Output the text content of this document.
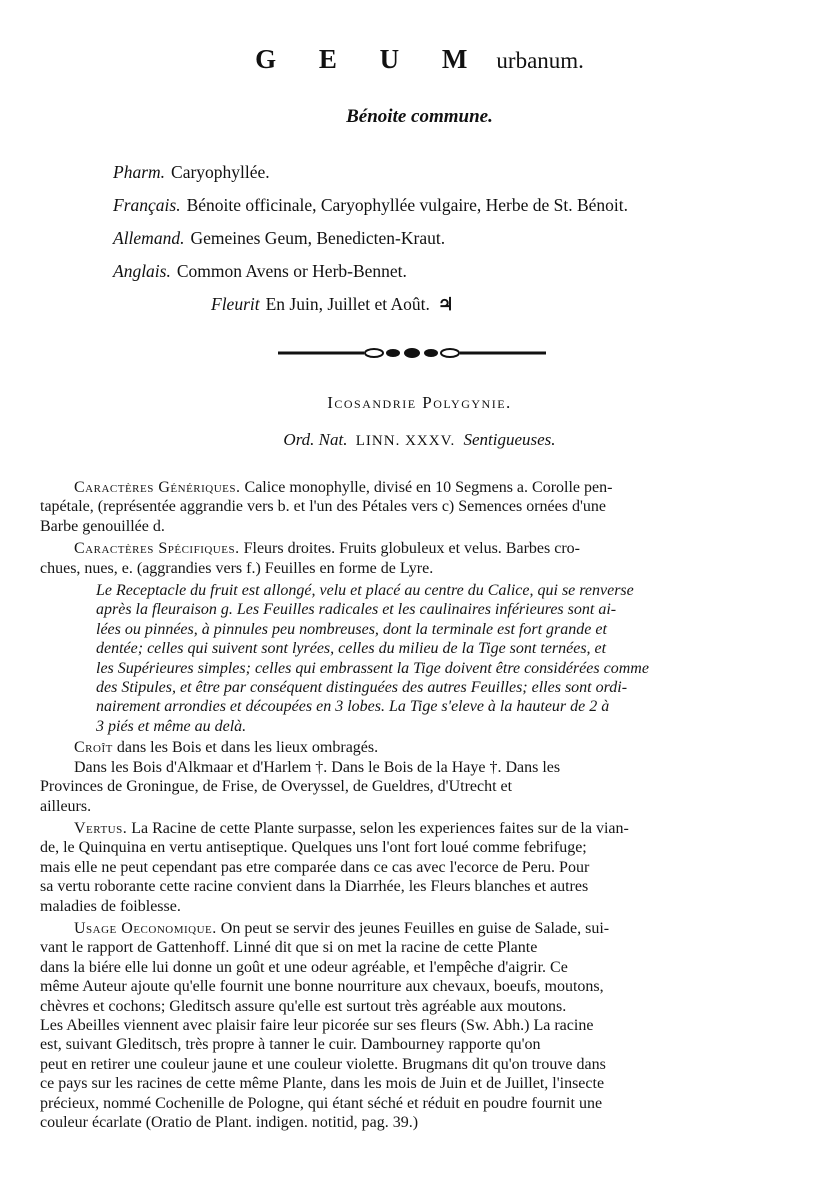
G E U M urbanum.
Bénoite commune.
Pharm. Caryophyllée.
Français. Bénoite officinale, Caryophyllée vulgaire, Herbe de St. Bénoit.
Allemand. Gemeines Geum, Benedicten-Kraut.
Anglais. Common Avens or Herb-Bennet.
Fleurit En Juin, Juillet et Août. ♃
Icosandrie Polygynie.
Ord. Nat. LINN. XXXV. Sentigueuses.
Caractères Génériques. Calice monophylle, divisé en 10 Segmens a. Corolle pen-
tapétale, (représentée aggrandie vers b. et l'un des Pétales vers c) Semences ornées d'une
Barbe genouillée d.
Caractères Spécifiques. Fleurs droites. Fruits globuleux et velus. Barbes cro-
chues, nues, e. (aggrandies vers f.) Feuilles en forme de Lyre.
Le Receptacle du fruit est allongé, velu et placé au centre du Calice, qui se renverse
après la fleuraison g. Les Feuilles radicales et les caulinaires inférieures sont ai-
lées ou pinnées, à pinnules peu nombreuses, dont la terminale est fort grande et
dentée; celles qui suivent sont lyrées, celles du milieu de la Tige sont ternées, et
les Supérieures simples; celles qui embrassent la Tige doivent être considérées comme
des Stipules, et être par conséquent distinguées des autres Feuilles; elles sont ordi-
nairement arrondies et découpées en 3 lobes. La Tige s'eleve à la hauteur de 2 à
3 piés et même au delà.
Croît dans les Bois et dans les lieux ombragés.
Dans les Bois d'Alkmaar et d'Harlem †. Dans le Bois de la Haye †. Dans les
Provinces de Groningue, de Frise, de Overyssel, de Gueldres, d'Utrecht et
ailleurs.
Vertus. La Racine de cette Plante surpasse, selon les experiences faites sur de la vian-
de, le Quinquina en vertu antiseptique. Quelques uns l'ont fort loué comme febrifuge;
mais elle ne peut cependant pas etre comparée dans ce cas avec l'ecorce de Peru. Pour
sa vertu roborante cette racine convient dans la Diarrhée, les Fleurs blanches et autres
maladies de foiblesse.
Usage Oeconomique. On peut se servir des jeunes Feuilles en guise de Salade, sui-
vant le rapport de Gattenhoff. Linné dit que si on met la racine de cette Plante
dans la biére elle lui donne un goût et une odeur agréable, et l'empêche d'aigrir. Ce
même Auteur ajoute qu'elle fournit une bonne nourriture aux chevaux, boeufs, moutons,
chèvres et cochons; Gleditsch assure qu'elle est surtout très agréable aux moutons.
Les Abeilles viennent avec plaisir faire leur picorée sur ses fleurs (Sw. Abh.) La racine
est, suivant Gleditsch, très propre à tanner le cuir. Dambourney rapporte qu'on
peut en retirer une couleur jaune et une couleur violette. Brugmans dit qu'on trouve dans
ce pays sur les racines de cette même Plante, dans les mois de Juin et de Juillet, l'insecte
précieux, nommé Cochenille de Pologne, qui étant séché et réduit en poudre fournit une
couleur écarlate (Oratio de Plant. indigen. notitid, pag. 39.)
